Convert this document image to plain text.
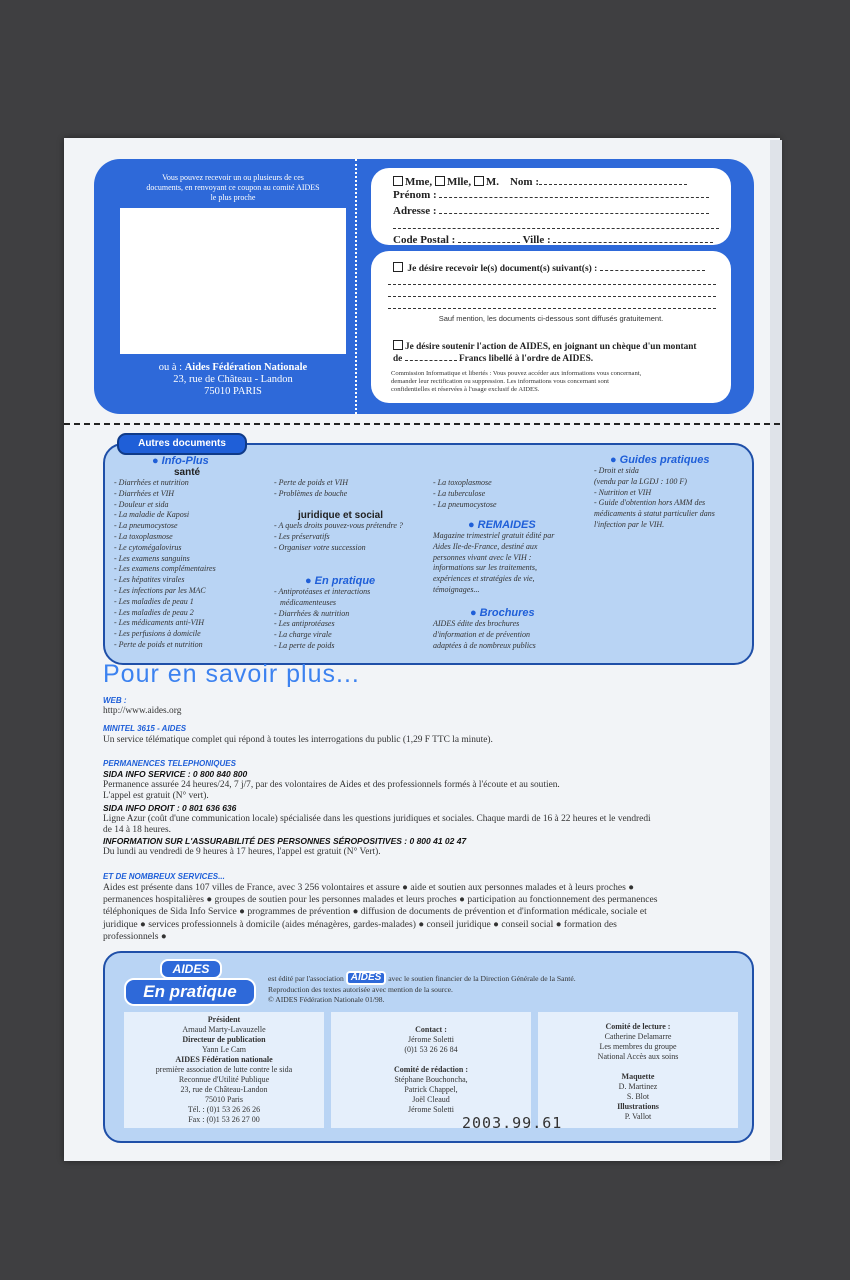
Vous pouvez recevoir un ou plusieurs de ces
documents, en renvoyant ce coupon au comité AIDES
le plus proche
ou à : Aides Fédération Nationale
23, rue de Château - Landon
75010 PARIS
Mme, Mlle, M. Nom :
Prénom :
Adresse :
Code Postal :	Ville :
Je désire recevoir le(s) document(s) suivant(s) :
Sauf mention, les documents ci-dessous sont diffusés gratuitement.
Je désire soutenir l'action de AIDES, en joignant un chèque d'un montant
de	Francs libellé à l'ordre de AIDES.
Commission Informatique et libertés : Vous pouvez accéder aux informations vous concernant,
demander leur rectification ou suppression. Les informations vous concernant sont
confidentielles et réservées à l'usage exclusif de AIDES.
Autres documents
● Info-Plus
santé
- Diarrhées et nutrition
- Diarrhées et VIH
- Douleur et sida
- La maladie de Kaposi
- La pneumocystose
- La toxoplasmose
- Le cytomégalovirus
- Les examens sanguins
- Les examens complémentaires
- Les hépatites virales
- Les infections par les MAC
- Les maladies de peau 1
- Les maladies de peau 2
- Les médicaments anti-VIH
- Les perfusions à domicile
- Perte de poids et nutrition
- Perte de poids et VIH
- Problèmes de bouche
juridique et social
- A quels droits pouvez-vous prétendre ?
- Les préservatifs
- Organiser votre succession
● En pratique
- Antiprotéases et interactions
médicamenteuses
- Diarrhées & nutrition
- Les antiprotéases
- La charge virale
- La perte de poids
- La toxoplasmose
- La tuberculose
- La pneumocystose
● REMAIDES
Magazine trimestriel gratuit édité par
Aides Ile-de-France, destiné aux
personnes vivant avec le VIH :
informations sur les traitements,
expériences et stratégies de vie,
témoignages...
● Brochures
AIDES édite des brochures
d'information et de prévention
adaptées à de nombreux publics
● Guides pratiques
- Droit et sida
(vendu par la LGDJ : 100 F)
- Nutrition et VIH
- Guide d'obtention hors AMM des
médicaments à statut particulier dans
l'infection par le VIH.
Pour en savoir plus...
WEB :
http://www.aides.org
MINITEL 3615 - AIDES
Un service télématique complet qui répond à toutes les interrogations du public (1,29 F TTC la minute).
PERMANENCES TELEPHONIQUES
SIDA INFO SERVICE : 0 800 840 800
Permanence assurée 24 heures/24, 7 j/7, par des volontaires de Aides et des professionnels formés à l'écoute et au soutien.
L'appel est gratuit (N° vert).
SIDA INFO DROIT : 0 801 636 636
Ligne Azur (coût d'une communication locale) spécialisée dans les questions juridiques et sociales. Chaque mardi de 16 à 22 heures et le vendredi
de 14 à 18 heures.
INFORMATION SUR L'ASSURABILITÉ DES PERSONNES SÉROPOSITIVES : 0 800 41 02 47
Du lundi au vendredi de 9 heures à 17 heures, l'appel est gratuit (N° Vert).
ET DE NOMBREUX SERVICES...
Aides est présente dans 107 villes de France, avec 3 256 volontaires et assure ● aide et soutien aux personnes malades et à leurs proches ●
permanences hospitalières ● groupes de soutien pour les personnes malades et leurs proches ● participation au fonctionnement des permanences
téléphoniques de Sida Info Service ● programmes de prévention ● diffusion de documents de prévention et d'information médicale, sociale et
juridique ● services professionnels à domicile (aides ménagères, gardes-malades) ● conseil juridique ● conseil social ● formation des
professionnels ●
AIDES
En pratique
est édité par l'association AIDES avec le soutien financier de la Direction Générale de la Santé.
Reproduction des textes autorisée avec mention de la source.
© AIDES Fédération Nationale 01/98.
Président
Arnaud Marty-Lavauzelle
Directeur de publication
Yann Le Cam
AIDES Fédération nationale
première association de lutte contre le sida
Reconnue d'Utilité Publique
23, rue de Château-Landon
75010 Paris
Tél. : (0)1 53 26 26 26
Fax : (0)1 53 26 27 00
Contact :
Jérome Soletti
(0)1 53 26 26 84
Comité de rédaction :
Stéphane Bouchoncha,
Patrick Chappel,
Joël Cleaud
Jérome Soletti
Comité de lecture :
Catherine Delamarre
Les membres du groupe
National Accès aux soins
Maquette
D. Martinez
S. Blot
Illustrations
P. Vallot
2003.99.61
